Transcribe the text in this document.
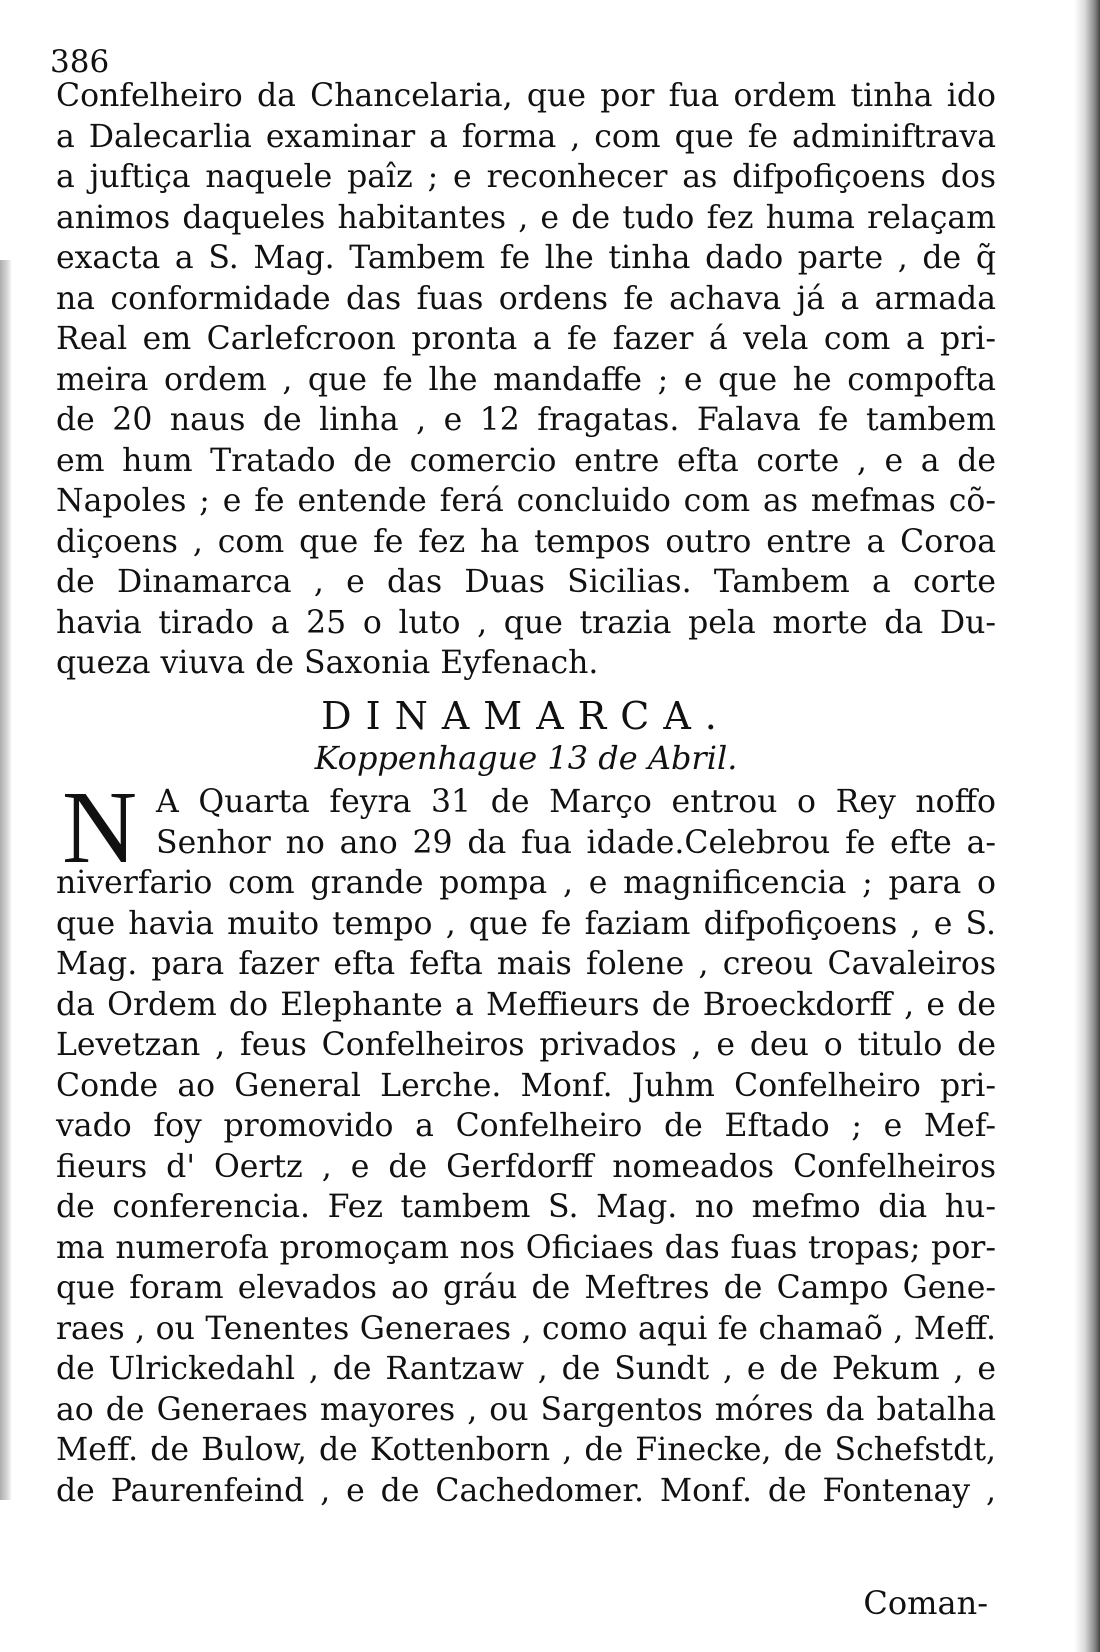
386
Confelheiro da Chancelaria, que por fua ordem tinha ido
a Dalecarlia examinar a forma , com que fe adminiftrava
a juftiça naquele paîz ; e reconhecer as difpofiçoens dos
animos daqueles habitantes , e de tudo fez huma relaçam
exacta a S. Mag. Tambem fe lhe tinha dado parte , de q̃
na conformidade das fuas ordens fe achava já a armada
Real em Carlefcroon pronta a fe fazer á vela com a pri-
meira ordem , que fe lhe mandaffe ; e que he compofta
de 20 naus de linha , e 12 fragatas. Falava fe tambem
em hum Tratado de comercio entre efta corte , e a de
Napoles ; e fe entende ferá concluido com as mefmas cõ-
diçoens , com que fe fez ha tempos outro entre a Coroa
de Dinamarca , e das Duas Sicilias. Tambem a corte
havia tirado a 25 o luto , que trazia pela morte da Du-
queza viuva de Saxonia Eyfenach.
DINAMARCA.
Koppenhague 13 de Abril.
N A Quarta feyra 31 de Março entrou o Rey noffo
Senhor no ano 29 da fua idade.Celebrou fe efte a-
niverfario com grande pompa , e magnificencia ; para o
que havia muito tempo , que fe faziam difpofiçoens , e S.
Mag. para fazer efta fefta mais folene , creou Cavaleiros
da Ordem do Elephante a Meffieurs de Broeckdorff , e de
Levetzan , feus Confelheiros privados , e deu o titulo de
Conde ao General Lerche. Monf. Juhm Confelheiro pri-
vado foy promovido a Confelheiro de Eftado ; e Mef-
fieurs d' Oertz , e de Gerfdorff nomeados Confelheiros
de conferencia. Fez tambem S. Mag. no mefmo dia hu-
ma numerofa promoçam nos Oficiaes das fuas tropas; por-
que foram elevados ao gráu de Meftres de Campo Gene-
raes , ou Tenentes Generaes , como aqui fe chamaõ , Meff.
de Ulrickedahl , de Rantzaw , de Sundt , e de Pekum , e
ao de Generaes mayores , ou Sargentos móres da batalha
Meff. de Bulow, de Kottenborn , de Finecke, de Schefstdt,
de Paurenfeind , e de Cachedomer. Monf. de Fontenay ,
Coman-
